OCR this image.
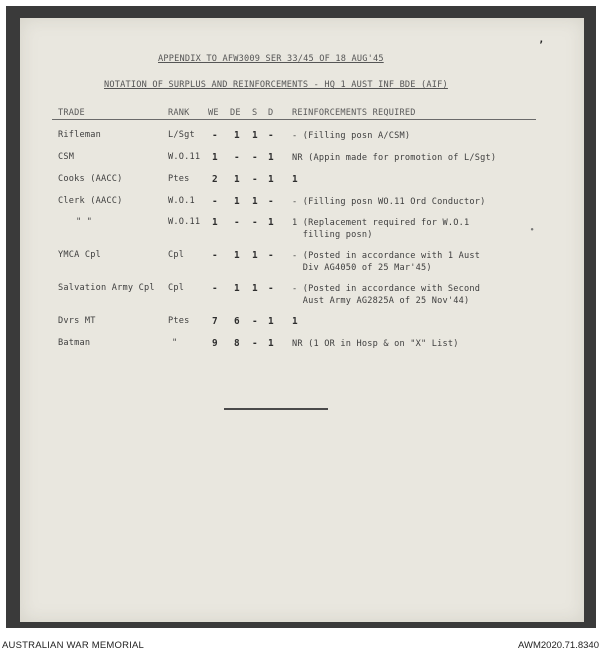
’
•
APPENDIX TO AFW3009 SER 33/45 OF 18 AUG'45
NOTATION OF SURPLUS AND REINFORCEMENTS - HQ 1 AUST INF BDE (AIF)
TRADE	RANK WE DE S D REINFORCEMENTS REQUIRED
Rifleman	L/Sgt - 1 1 - - (Filling posn A/CSM)
CSM	W.O.11 1 - - 1 NR (Appin made for promotion of L/Sgt)
Cooks (AACC)	Ptes 2 1 - 1 1
Clerk (AACC)	W.O.1 - 1 1 - - (Filling posn WO.11 Ord Conductor)
" "	W.O.11 1 - - 1 1 (Replacement required for W.O.1
filling posn)
YMCA Cpl	Cpl	- 1 1 - - (Posted in accordance with 1 Aust
Div AG4050 of 25 Mar'45)
Salvation Army Cpl Cpl	- 1 1 - - (Posted in accordance with Second
Aust Army AG2825A of 25 Nov'44)
Dvrs MT	Ptes 7 6 - 1 1
Batman	"	9 8 - 1 NR (1 OR in Hosp & on "X" List)
AUSTRALIAN WAR MEMORIAL	AWM2020.71.8340
